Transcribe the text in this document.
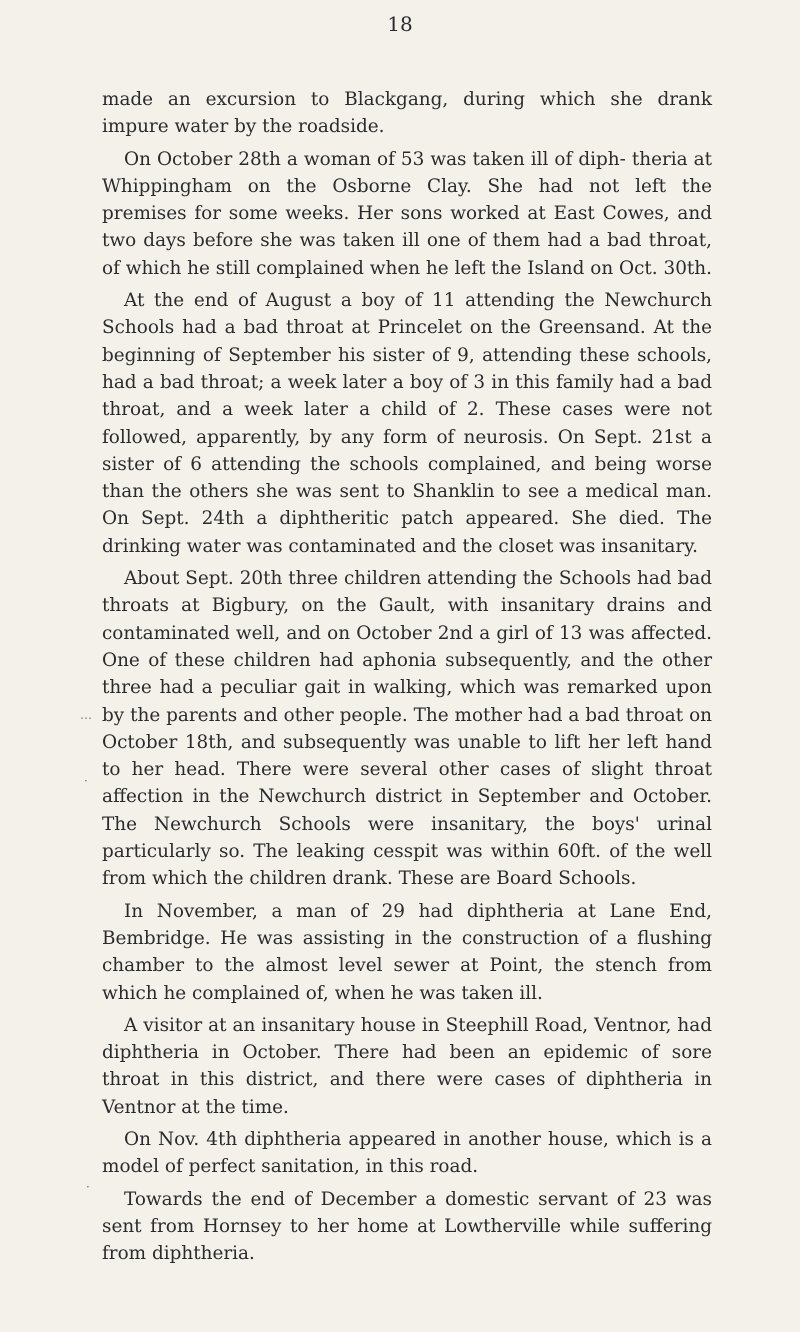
18

made an excursion to Blackgang, during which she drank impure water by the roadside.

On October 28th a woman of 53 was taken ill of diph- theria at Whippingham on the Osborne Clay. She had not left the premises for some weeks. Her sons worked at East Cowes, and two days before she was taken ill one of them had a bad throat, of which he still complained when he left the Island on Oct. 30th.

At the end of August a boy of 11 attending the Newchurch Schools had a bad throat at Princelet on the Greensand. At the beginning of September his sister of 9, attending these schools, had a bad throat; a week later a boy of 3 in this family had a bad throat, and a week later a child of 2. These cases were not followed, apparently, by any form of neurosis. On Sept. 21st a sister of 6 attending the schools complained, and being worse than the others she was sent to Shanklin to see a medical man. On Sept. 24th a diphtheritic patch appeared. She died. The drinking water was contaminated and the closet was insanitary.

About Sept. 20th three children attending the Schools had bad throats at Bigbury, on the Gault, with insanitary drains and contaminated well, and on October 2nd a girl of 13 was affected. One of these children had aphonia subsequently, and the other three had a peculiar gait in walking, which was remarked upon by the parents and other people. The mother had a bad throat on October 18th, and subsequently was unable to lift her left hand to her head. There were several other cases of slight throat affection in the Newchurch district in September and October. The Newchurch Schools were insanitary, the boys' urinal particularly so. The leaking cesspit was within 60ft. of the well from which the children drank. These are Board Schools.

In November, a man of 29 had diphtheria at Lane End, Bembridge. He was assisting in the construction of a flushing chamber to the almost level sewer at Point, the stench from which he complained of, when he was taken ill.

A visitor at an insanitary house in Steephill Road, Ventnor, had diphtheria in October. There had been an epidemic of sore throat in this district, and there were cases of diphtheria in Ventnor at the time.

On Nov. 4th diphtheria appeared in another house, which is a model of perfect sanitation, in this road.

Towards the end of December a domestic servant of 23 was sent from Hornsey to her home at Lowtherville while suffering from diphtheria.

…
·
·
